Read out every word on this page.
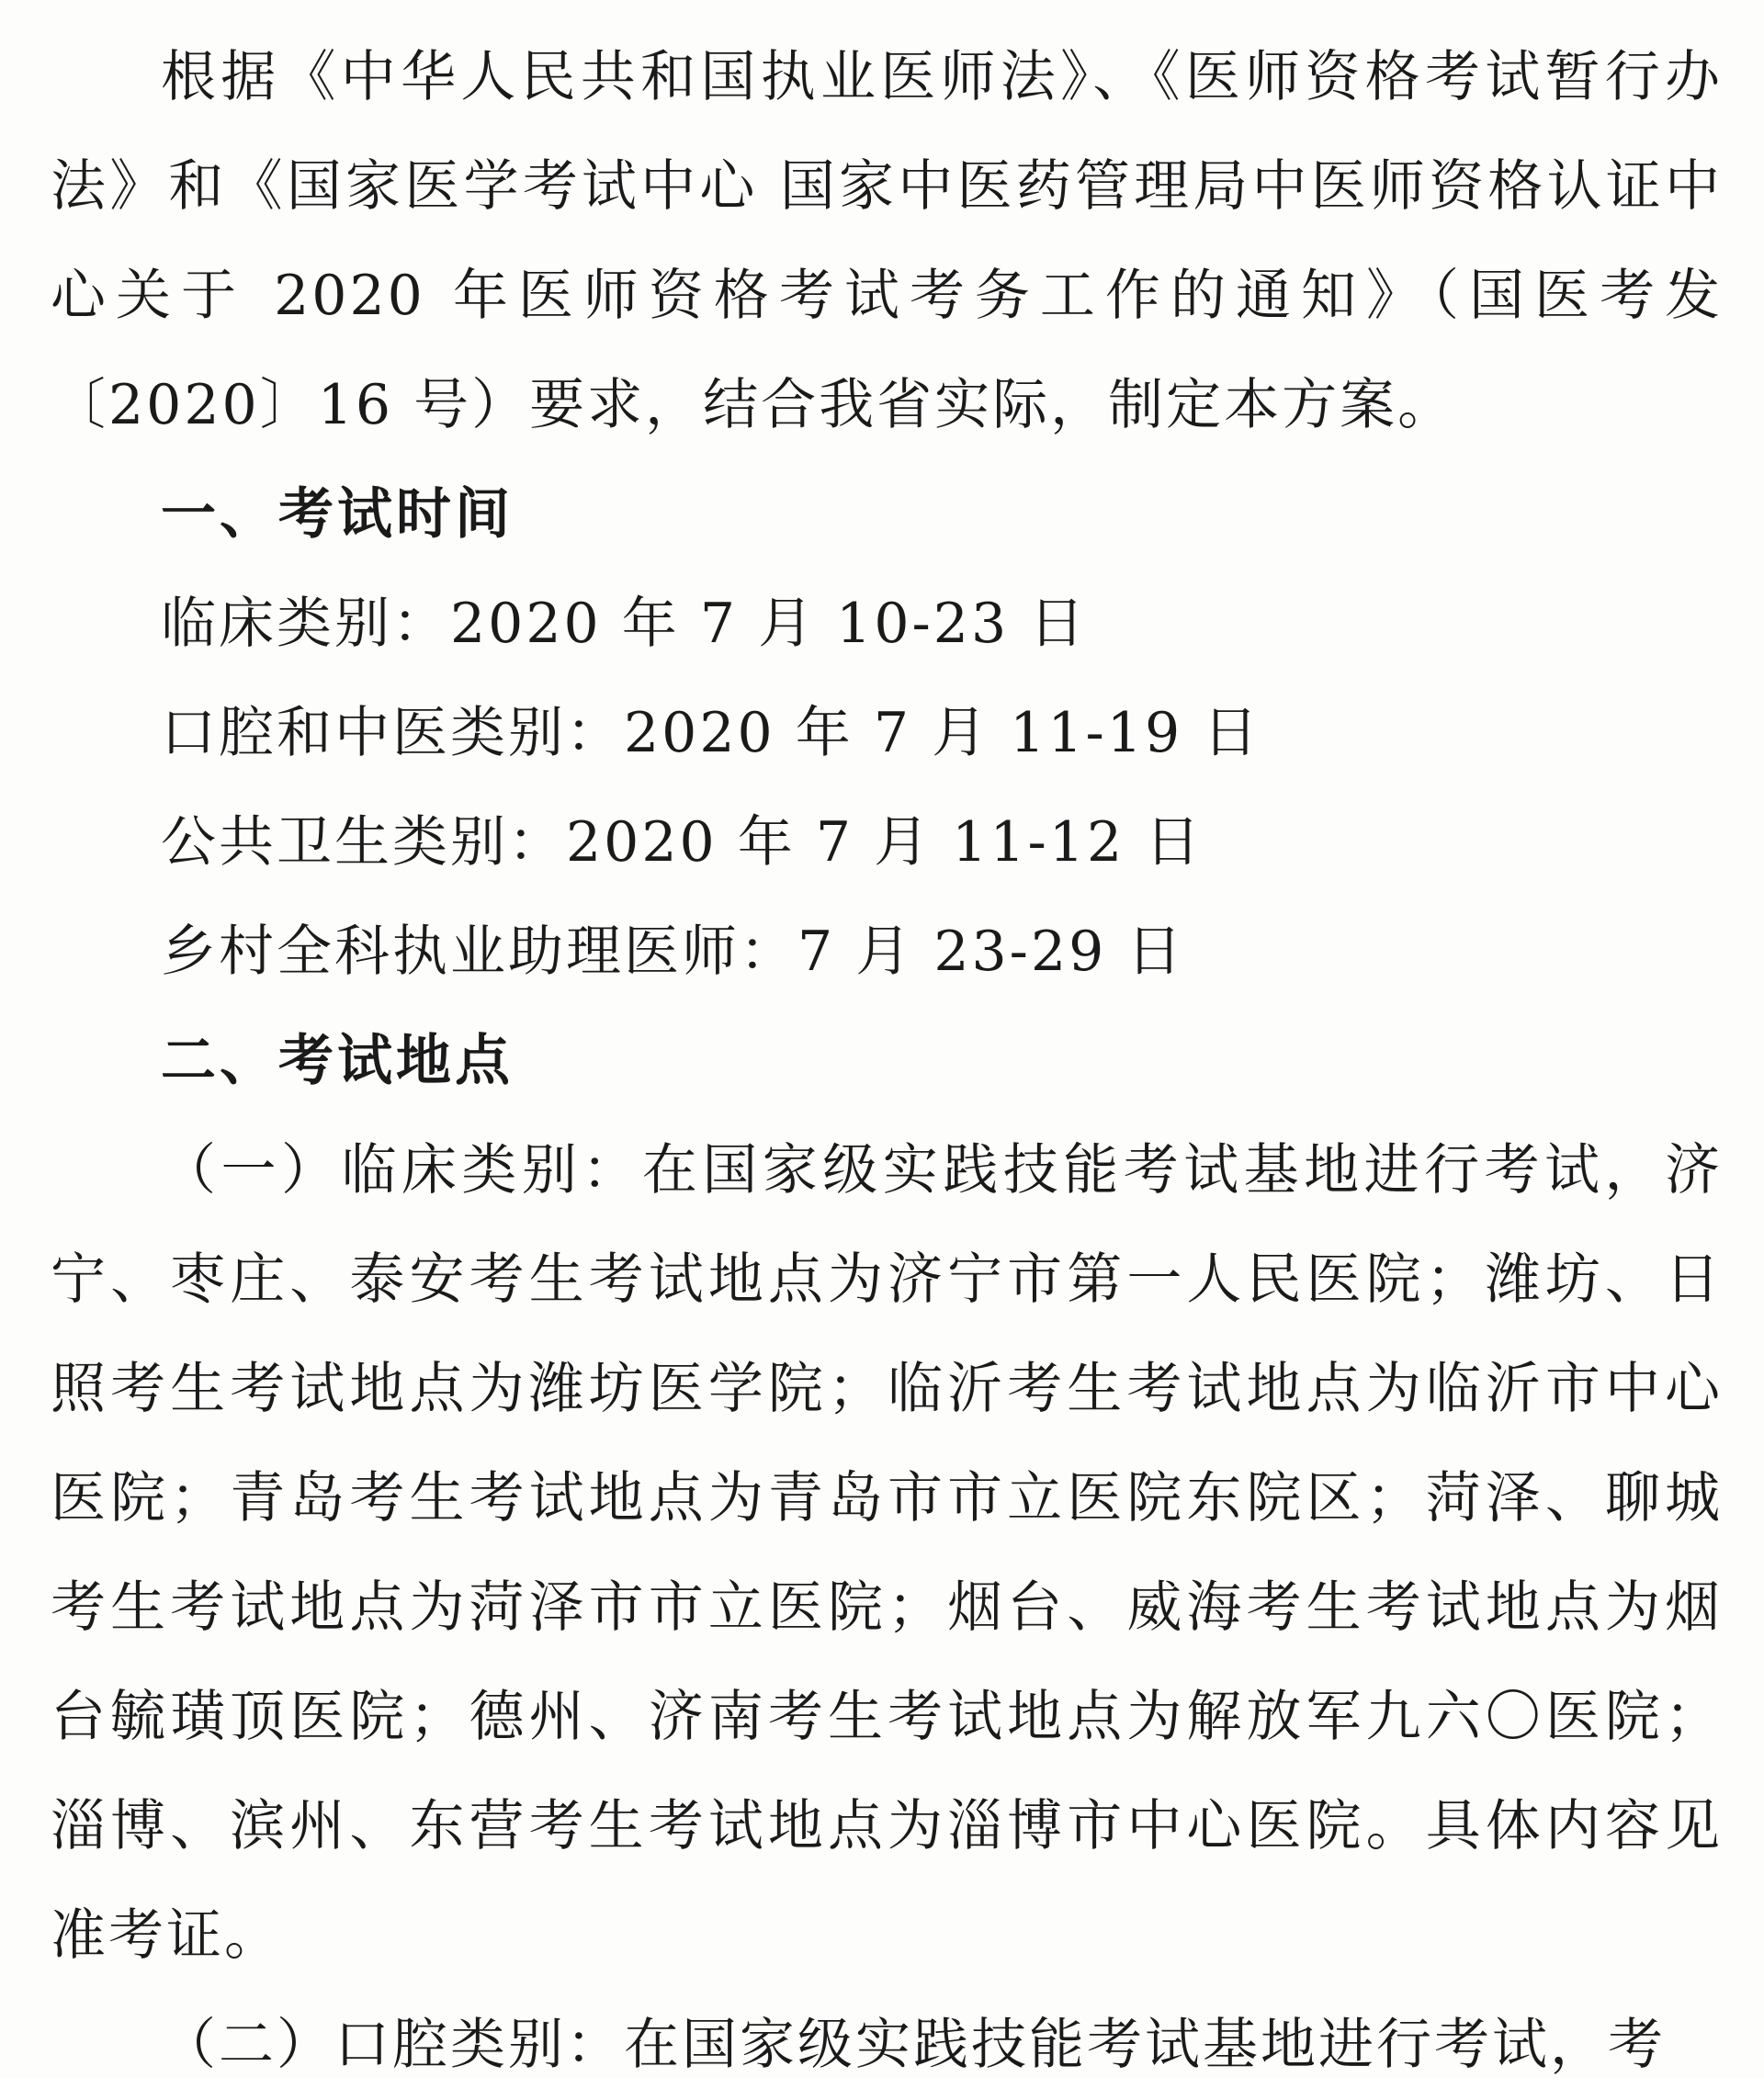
根据《中华人民共和国执业医师法》、《医师资格考试暂行办法》和《国家医学考试中心 国家中医药管理局中医师资格认证中心关于 2020 年医师资格考试考务工作的通知》（国医考发〔2020〕16 号）要求，结合我省实际，制定本方案。

一、考试时间

临床类别：2020 年 7 月 10-23 日

口腔和中医类别：2020 年 7 月 11-19 日

公共卫生类别：2020 年 7 月 11-12 日

乡村全科执业助理医师：7 月 23-29 日

二、考试地点

（一）临床类别：在国家级实践技能考试基地进行考试，济宁、枣庄、泰安考生考试地点为济宁市第一人民医院；潍坊、日照考生考试地点为潍坊医学院；临沂考生考试地点为临沂市中心医院；青岛考生考试地点为青岛市市立医院东院区；菏泽、聊城考生考试地点为菏泽市市立医院；烟台、威海考生考试地点为烟台毓璜顶医院；德州、济南考生考试地点为解放军九六〇医院；淄博、滨州、东营考生考试地点为淄博市中心医院。具体内容见准考证。

（二）口腔类别：在国家级实践技能考试基地进行考试，考
